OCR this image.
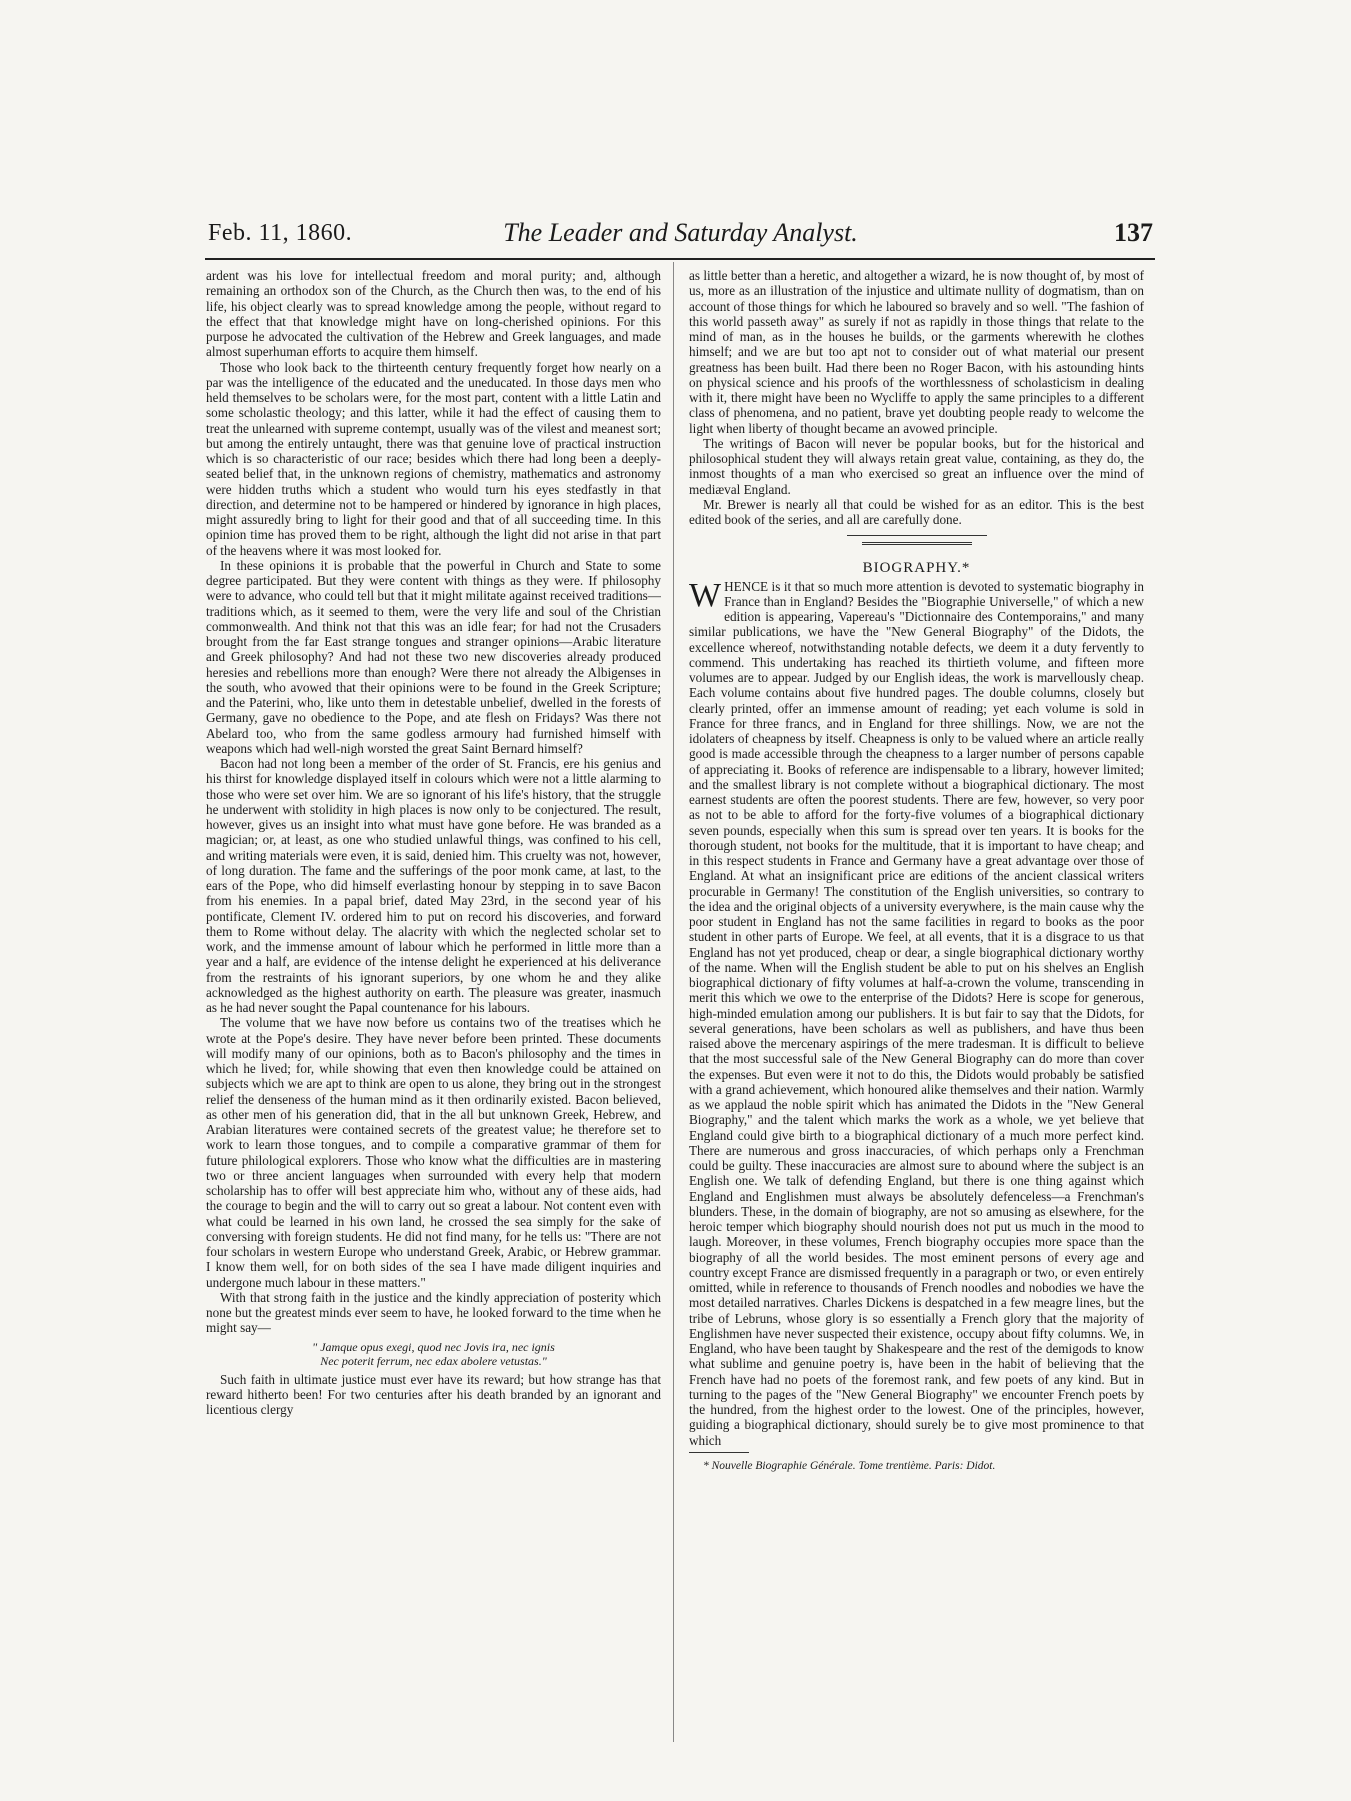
Feb. 11, 1860.	The Leader and Saturday Analyst.	137

ardent was his love for intellectual freedom and moral purity; and, although remaining an orthodox son of the Church, as the Church then was, to the end of his life, his object clearly was to spread knowledge among the people, without regard to the effect that that knowledge might have on long-cherished opinions. For this purpose he advocated the cultivation of the Hebrew and Greek languages, and made almost superhuman efforts to acquire them himself.

Those who look back to the thirteenth century frequently forget how nearly on a par was the intelligence of the educated and the uneducated. In those days men who held themselves to be scholars were, for the most part, content with a little Latin and some scholastic theology; and this latter, while it had the effect of causing them to treat the unlearned with supreme contempt, usually was of the vilest and meanest sort; but among the entirely untaught, there was that genuine love of practical instruction which is so characteristic of our race; besides which there had long been a deeply-seated belief that, in the unknown regions of chemistry, mathematics and astronomy were hidden truths which a student who would turn his eyes stedfastly in that direction, and determine not to be hampered or hindered by ignorance in high places, might assuredly bring to light for their good and that of all succeeding time. In this opinion time has proved them to be right, although the light did not arise in that part of the heavens where it was most looked for.

In these opinions it is probable that the powerful in Church and State to some degree participated. But they were content with things as they were. If philosophy were to advance, who could tell but that it might militate against received traditions—traditions which, as it seemed to them, were the very life and soul of the Christian commonwealth. And think not that this was an idle fear; for had not the Crusaders brought from the far East strange tongues and stranger opinions—Arabic literature and Greek philosophy? And had not these two new discoveries already produced heresies and rebellions more than enough? Were there not already the Albigenses in the south, who avowed that their opinions were to be found in the Greek Scripture; and the Paterini, who, like unto them in detestable unbelief, dwelled in the forests of Germany, gave no obedience to the Pope, and ate flesh on Fridays? Was there not Abelard too, who from the same godless armoury had furnished himself with weapons which had well-nigh worsted the great Saint Bernard himself?

Bacon had not long been a member of the order of St. Francis, ere his genius and his thirst for knowledge displayed itself in colours which were not a little alarming to those who were set over him. We are so ignorant of his life's history, that the struggle he underwent with stolidity in high places is now only to be conjectured. The result, however, gives us an insight into what must have gone before. He was branded as a magician; or, at least, as one who studied unlawful things, was confined to his cell, and writing materials were even, it is said, denied him. This cruelty was not, however, of long duration. The fame and the sufferings of the poor monk came, at last, to the ears of the Pope, who did himself everlasting honour by stepping in to save Bacon from his enemies. In a papal brief, dated May 23rd, in the second year of his pontificate, Clement IV. ordered him to put on record his discoveries, and forward them to Rome without delay. The alacrity with which the neglected scholar set to work, and the immense amount of labour which he performed in little more than a year and a half, are evidence of the intense delight he experienced at his deliverance from the restraints of his ignorant superiors, by one whom he and they alike acknowledged as the highest authority on earth. The pleasure was greater, inasmuch as he had never sought the Papal countenance for his labours.

The volume that we have now before us contains two of the treatises which he wrote at the Pope's desire. They have never before been printed. These documents will modify many of our opinions, both as to Bacon's philosophy and the times in which he lived; for, while showing that even then knowledge could be attained on subjects which we are apt to think are open to us alone, they bring out in the strongest relief the denseness of the human mind as it then ordinarily existed. Bacon believed, as other men of his generation did, that in the all but unknown Greek, Hebrew, and Arabian literatures were contained secrets of the greatest value; he therefore set to work to learn those tongues, and to compile a comparative grammar of them for future philological explorers. Those who know what the difficulties are in mastering two or three ancient languages when surrounded with every help that modern scholarship has to offer will best appreciate him who, without any of these aids, had the courage to begin and the will to carry out so great a labour. Not content even with what could be learned in his own land, he crossed the sea simply for the sake of conversing with foreign students. He did not find many, for he tells us: "There are not four scholars in western Europe who understand Greek, Arabic, or Hebrew grammar. I know them well, for on both sides of the sea I have made diligent inquiries and undergone much labour in these matters."

With that strong faith in the justice and the kindly appreciation of posterity which none but the greatest minds ever seem to have, he looked forward to the time when he might say—

" Jamque opus exegi, quod nec Jovis ira, nec ignis
Nec poterit ferrum, nec edax abolere vetustas."

Such faith in ultimate justice must ever have its reward; but how strange has that reward hitherto been! For two centuries after his death branded by an ignorant and licentious clergy

as little better than a heretic, and altogether a wizard, he is now thought of, by most of us, more as an illustration of the injustice and ultimate nullity of dogmatism, than on account of those things for which he laboured so bravely and so well. "The fashion of this world passeth away" as surely if not as rapidly in those things that relate to the mind of man, as in the houses he builds, or the garments wherewith he clothes himself; and we are but too apt not to consider out of what material our present greatness has been built. Had there been no Roger Bacon, with his astounding hints on physical science and his proofs of the worthlessness of scholasticism in dealing with it, there might have been no Wycliffe to apply the same principles to a different class of phenomena, and no patient, brave yet doubting people ready to welcome the light when liberty of thought became an avowed principle.

The writings of Bacon will never be popular books, but for the historical and philosophical student they will always retain great value, containing, as they do, the inmost thoughts of a man who exercised so great an influence over the mind of mediæval England.

Mr. Brewer is nearly all that could be wished for as an editor. This is the best edited book of the series, and all are carefully done.

BIOGRAPHY.*

WHENCE is it that so much more attention is devoted to systematic biography in France than in England? Besides the "Biographie Universelle," of which a new edition is appearing, Vapereau's "Dictionnaire des Contemporains," and many similar publications, we have the "New General Biography" of the Didots, the excellence whereof, notwithstanding notable defects, we deem it a duty fervently to commend. This undertaking has reached its thirtieth volume, and fifteen more volumes are to appear. Judged by our English ideas, the work is marvellously cheap. Each volume contains about five hundred pages. The double columns, closely but clearly printed, offer an immense amount of reading; yet each volume is sold in France for three francs, and in England for three shillings. Now, we are not the idolaters of cheapness by itself. Cheapness is only to be valued where an article really good is made accessible through the cheapness to a larger number of persons capable of appreciating it. Books of reference are indispensable to a library, however limited; and the smallest library is not complete without a biographical dictionary. The most earnest students are often the poorest students. There are few, however, so very poor as not to be able to afford for the forty-five volumes of a biographical dictionary seven pounds, especially when this sum is spread over ten years. It is books for the thorough student, not books for the multitude, that it is important to have cheap; and in this respect students in France and Germany have a great advantage over those of England. At what an insignificant price are editions of the ancient classical writers procurable in Germany! The constitution of the English universities, so contrary to the idea and the original objects of a university everywhere, is the main cause why the poor student in England has not the same facilities in regard to books as the poor student in other parts of Europe. We feel, at all events, that it is a disgrace to us that England has not yet produced, cheap or dear, a single biographical dictionary worthy of the name. When will the English student be able to put on his shelves an English biographical dictionary of fifty volumes at half-a-crown the volume, transcending in merit this which we owe to the enterprise of the Didots? Here is scope for generous, high-minded emulation among our publishers. It is but fair to say that the Didots, for several generations, have been scholars as well as publishers, and have thus been raised above the mercenary aspirings of the mere tradesman. It is difficult to believe that the most successful sale of the New General Biography can do more than cover the expenses. But even were it not to do this, the Didots would probably be satisfied with a grand achievement, which honoured alike themselves and their nation. Warmly as we applaud the noble spirit which has animated the Didots in the "New General Biography," and the talent which marks the work as a whole, we yet believe that England could give birth to a biographical dictionary of a much more perfect kind. There are numerous and gross inaccuracies, of which perhaps only a Frenchman could be guilty. These inaccuracies are almost sure to abound where the subject is an English one. We talk of defending England, but there is one thing against which England and Englishmen must always be absolutely defenceless—a Frenchman's blunders. These, in the domain of biography, are not so amusing as elsewhere, for the heroic temper which biography should nourish does not put us much in the mood to laugh. Moreover, in these volumes, French biography occupies more space than the biography of all the world besides. The most eminent persons of every age and country except France are dismissed frequently in a paragraph or two, or even entirely omitted, while in reference to thousands of French noodles and nobodies we have the most detailed narratives. Charles Dickens is despatched in a few meagre lines, but the tribe of Lebruns, whose glory is so essentially a French glory that the majority of Englishmen have never suspected their existence, occupy about fifty columns. We, in England, who have been taught by Shakespeare and the rest of the demigods to know what sublime and genuine poetry is, have been in the habit of believing that the French have had no poets of the foremost rank, and few poets of any kind. But in turning to the pages of the "New General Biography" we encounter French poets by the hundred, from the highest order to the lowest. One of the principles, however, guiding a biographical dictionary, should surely be to give most prominence to that which

* Nouvelle Biographie Générale. Tome trentième. Paris: Didot.
